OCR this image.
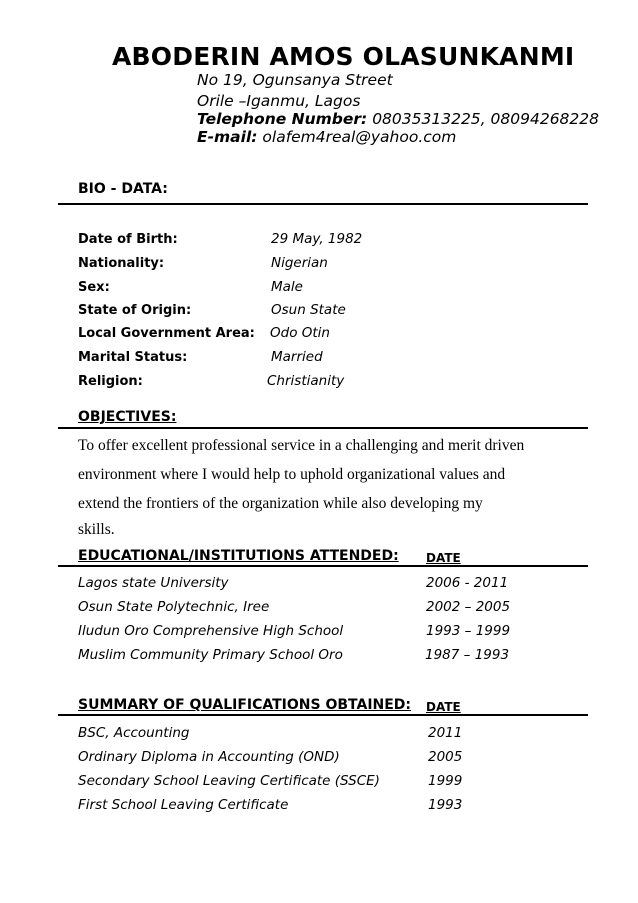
ABODERIN AMOS OLASUNKANMI
No 19, Ogunsanya Street
Orile –Iganmu, Lagos
Telephone Number: 08035313225, 08094268228
E-mail: olafem4real@yahoo.com
BIO - DATA:
Date of Birth:	29 May, 1982
Nationality:	Nigerian
Sex:	Male
State of Origin:	Osun State
Local Government Area: Odo Otin
Marital Status:	Married
Religion:	Christianity
OBJECTIVES:
To offer excellent professional service in a challenging and merit driven
environment where I would help to uphold organizational values and
extend the frontiers of the organization while also developing my
skills.
EDUCATIONAL/INSTITUTIONS ATTENDED: DATE
Lagos state University	2006 - 2011
Osun State Polytechnic, Iree	2002 – 2005
Iludun Oro Comprehensive High School	1993 – 1999
Muslim Community Primary School Oro	1987 – 1993
SUMMARY OF QUALIFICATIONS OBTAINED: DATE
BSC, Accounting	2011
Ordinary Diploma in Accounting (OND)	2005
Secondary School Leaving Certificate (SSCE)	1999
First School Leaving Certificate	1993
